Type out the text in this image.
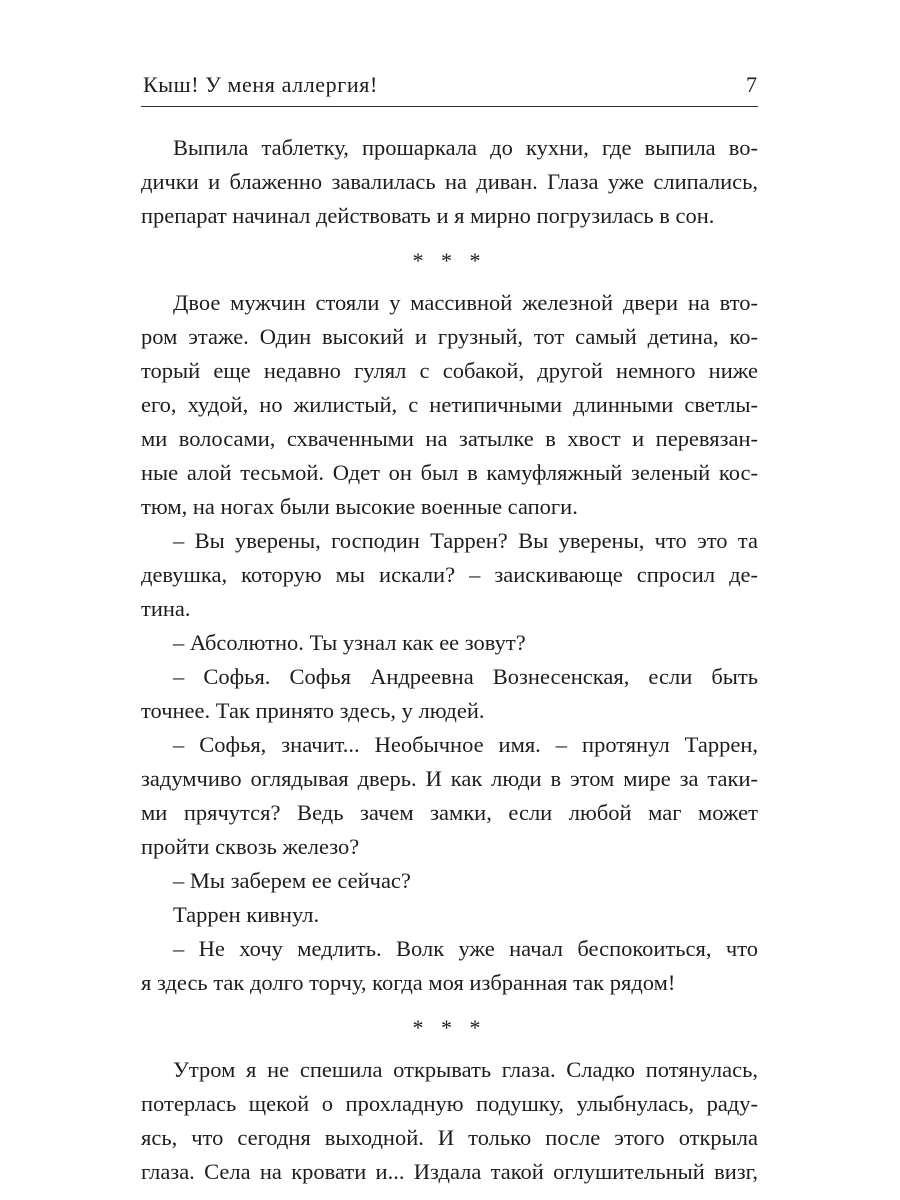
Кыш! У меня аллергия!	7
Выпила таблетку, прошаркала до кухни, где выпила во-
дички и блаженно завалилась на диван. Глаза уже слипались,
препарат начинал действовать и я мирно погрузилась в сон.
* * *
Двое мужчин стояли у массивной железной двери на вто-
ром этаже. Один высокий и грузный, тот самый детина, ко-
торый еще недавно гулял с собакой, другой немного ниже
его, худой, но жилистый, с нетипичными длинными светлы-
ми волосами, схваченными на затылке в хвост и перевязан-
ные алой тесьмой. Одет он был в камуфляжный зеленый кос-
тюм, на ногах были высокие военные сапоги.
– Вы уверены, господин Таррен? Вы уверены, что это та
девушка, которую мы искали? – заискивающе спросил де-
тина.
– Абсолютно. Ты узнал как ее зовут?
– Софья. Софья Андреевна Вознесенская, если быть
точнее. Так принято здесь, у людей.
– Софья, значит... Необычное имя. – протянул Таррен,
задумчиво оглядывая дверь. И как люди в этом мире за таки-
ми прячутся? Ведь зачем замки, если любой маг может
пройти сквозь железо?
– Мы заберем ее сейчас?
Таррен кивнул.
– Не хочу медлить. Волк уже начал беспокоиться, что
я здесь так долго торчу, когда моя избранная так рядом!
* * *
Утром я не спешила открывать глаза. Сладко потянулась,
потерлась щекой о прохладную подушку, улыбнулась, раду-
ясь, что сегодня выходной. И только после этого открыла
глаза. Села на кровати и... Издала такой оглушительный визг,
